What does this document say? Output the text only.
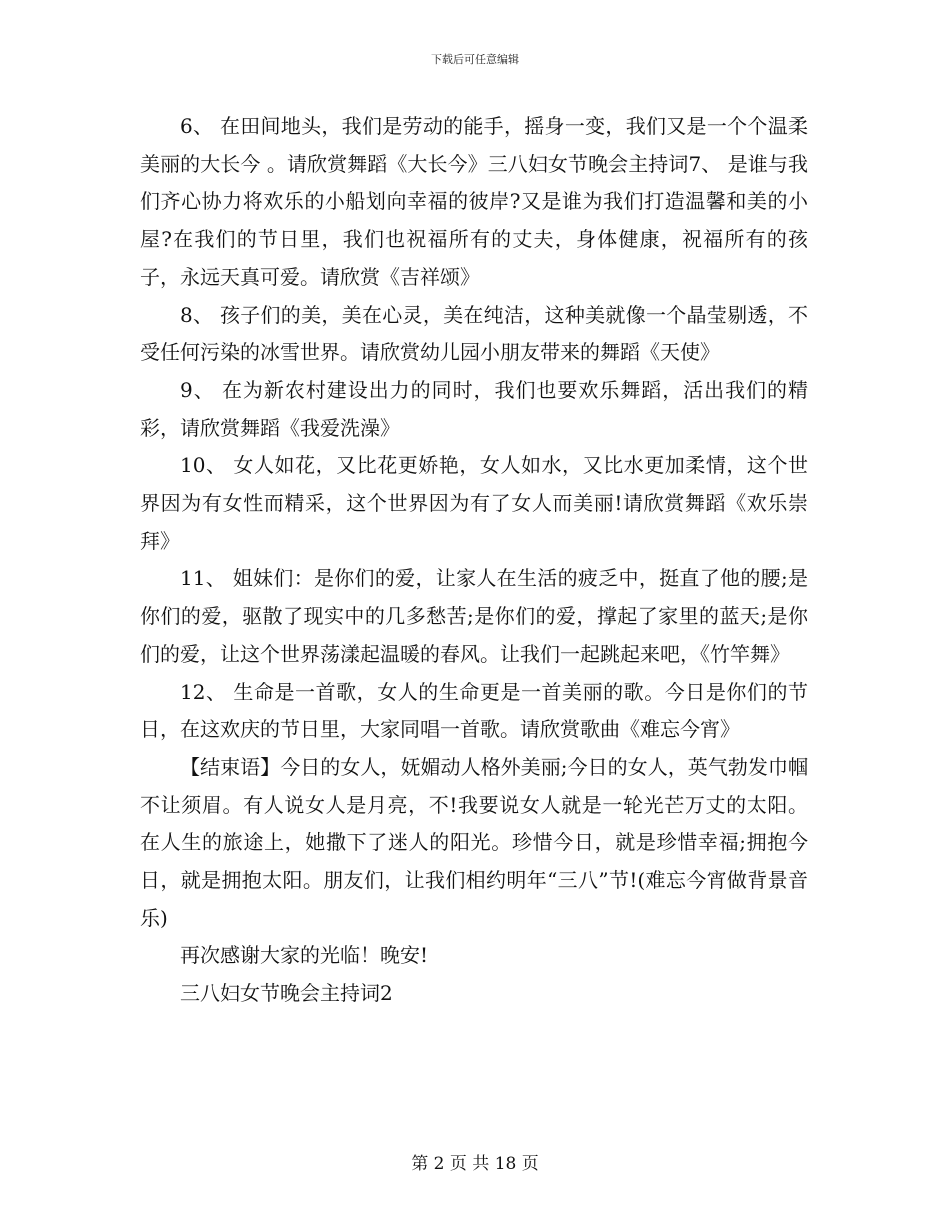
下载后可任意编辑

6、 在田间地头，我们是劳动的能手，摇身一变，我们又是一个个温柔美丽的大长今 。请欣赏舞蹈《大长今》三八妇女节晚会主持词7、 是谁与我们齐心协力将欢乐的小船划向幸福的彼岸?又是谁为我们打造温馨和美的小屋?在我们的节日里，我们也祝福所有的丈夫，身体健康，祝福所有的孩子，永远天真可爱。请欣赏《吉祥颂》

8、 孩子们的美，美在心灵，美在纯洁，这种美就像一个晶莹剔透，不受任何污染的冰雪世界。请欣赏幼儿园小朋友带来的舞蹈《天使》

9、 在为新农村建设出力的同时，我们也要欢乐舞蹈，活出我们的精彩，请欣赏舞蹈《我爱洗澡》

10、 女人如花，又比花更娇艳，女人如水，又比水更加柔情，这个世界因为有女性而精采，这个世界因为有了女人而美丽!请欣赏舞蹈《欢乐崇拜》

11、 姐妹们：是你们的爱，让家人在生活的疲乏中，挺直了他的腰;是你们的爱，驱散了现实中的几多愁苦;是你们的爱，撑起了家里的蓝天;是你们的爱，让这个世界荡漾起温暖的春风。让我们一起跳起来吧，《竹竿舞》

12、 生命是一首歌，女人的生命更是一首美丽的歌。今日是你们的节日，在这欢庆的节日里，大家同唱一首歌。请欣赏歌曲《难忘今宵》

【结束语】今日的女人，妩媚动人格外美丽;今日的女人，英气勃发巾帼不让须眉。有人说女人是月亮，不!我要说女人就是一轮光芒万丈的太阳。在人生的旅途上，她撒下了迷人的阳光。珍惜今日，就是珍惜幸福;拥抱今日，就是拥抱太阳。朋友们，让我们相约明年“三八”节!(难忘今宵做背景音乐)

再次感谢大家的光临！晚安!

三八妇女节晚会主持词2

第 2 页 共 18 页
